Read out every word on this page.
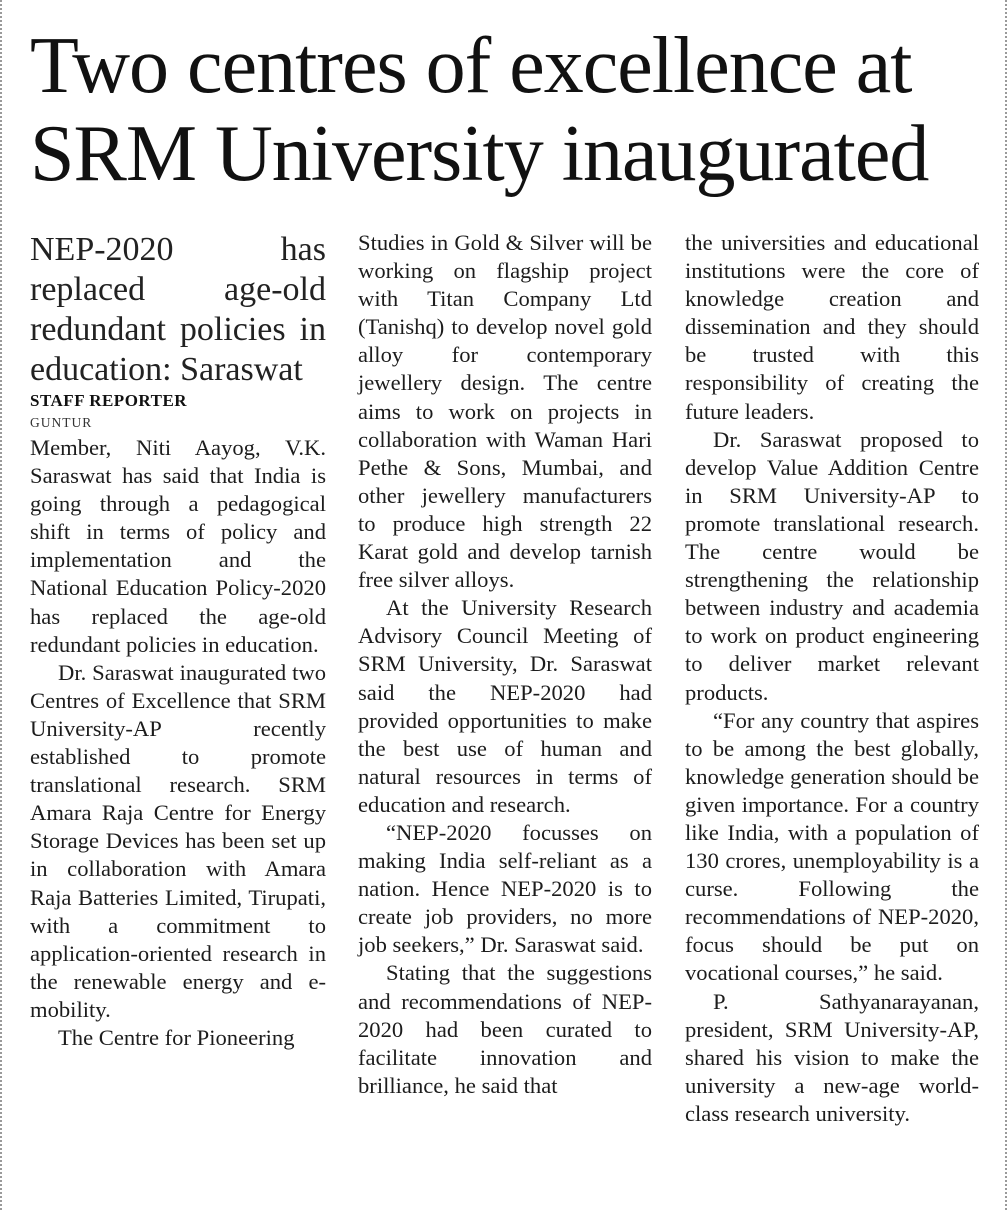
Two centres of excellence at
SRM University inaugurated

NEP-2020 has replaced age-old redundant policies in education: Saraswat

STAFF REPORTER

GUNTUR

Member, Niti Aayog, V.K. Saraswat has said that India is going through a pedagogical shift in terms of policy and implementation and the National Education Policy-2020 has replaced the age-old redundant policies in education.

Dr. Saraswat inaugurated two Centres of Excellence that SRM University-AP recently established to promote translational research. SRM Amara Raja Centre for Energy Storage Devices has been set up in collaboration with Amara Raja Batteries Limited, Tirupati, with a commitment to application-oriented research in the renewable energy and e-mobility.

The Centre for Pioneering

Studies in Gold & Silver will be working on flagship project with Titan Company Ltd (Tanishq) to develop novel gold alloy for contemporary jewellery design. The centre aims to work on projects in collaboration with Waman Hari Pethe & Sons, Mumbai, and other jewellery manufacturers to produce high strength 22 Karat gold and develop tarnish free silver alloys.

At the University Research Advisory Council Meeting of SRM University, Dr. Saraswat said the NEP-2020 had provided opportunities to make the best use of human and natural resources in terms of education and research.

“NEP-2020 focusses on making India self-reliant as a nation. Hence NEP-2020 is to create job providers, no more job seekers,” Dr. Saraswat said.

Stating that the suggestions and recommendations of NEP-2020 had been curated to facilitate innovation and brilliance, he said that

the universities and educational institutions were the core of knowledge creation and dissemination and they should be trusted with this responsibility of creating the future leaders.

Dr. Saraswat proposed to develop Value Addition Centre in SRM University-AP to promote translational research. The centre would be strengthening the relationship between industry and academia to work on product engineering to deliver market relevant products.

“For any country that aspires to be among the best globally, knowledge generation should be given importance. For a country like India, with a population of 130 crores, unemployability is a curse. Following the recommendations of NEP-2020, focus should be put on vocational courses,” he said.

P. Sathyanarayanan, president, SRM University-AP, shared his vision to make the university a new-age world-class research university.
